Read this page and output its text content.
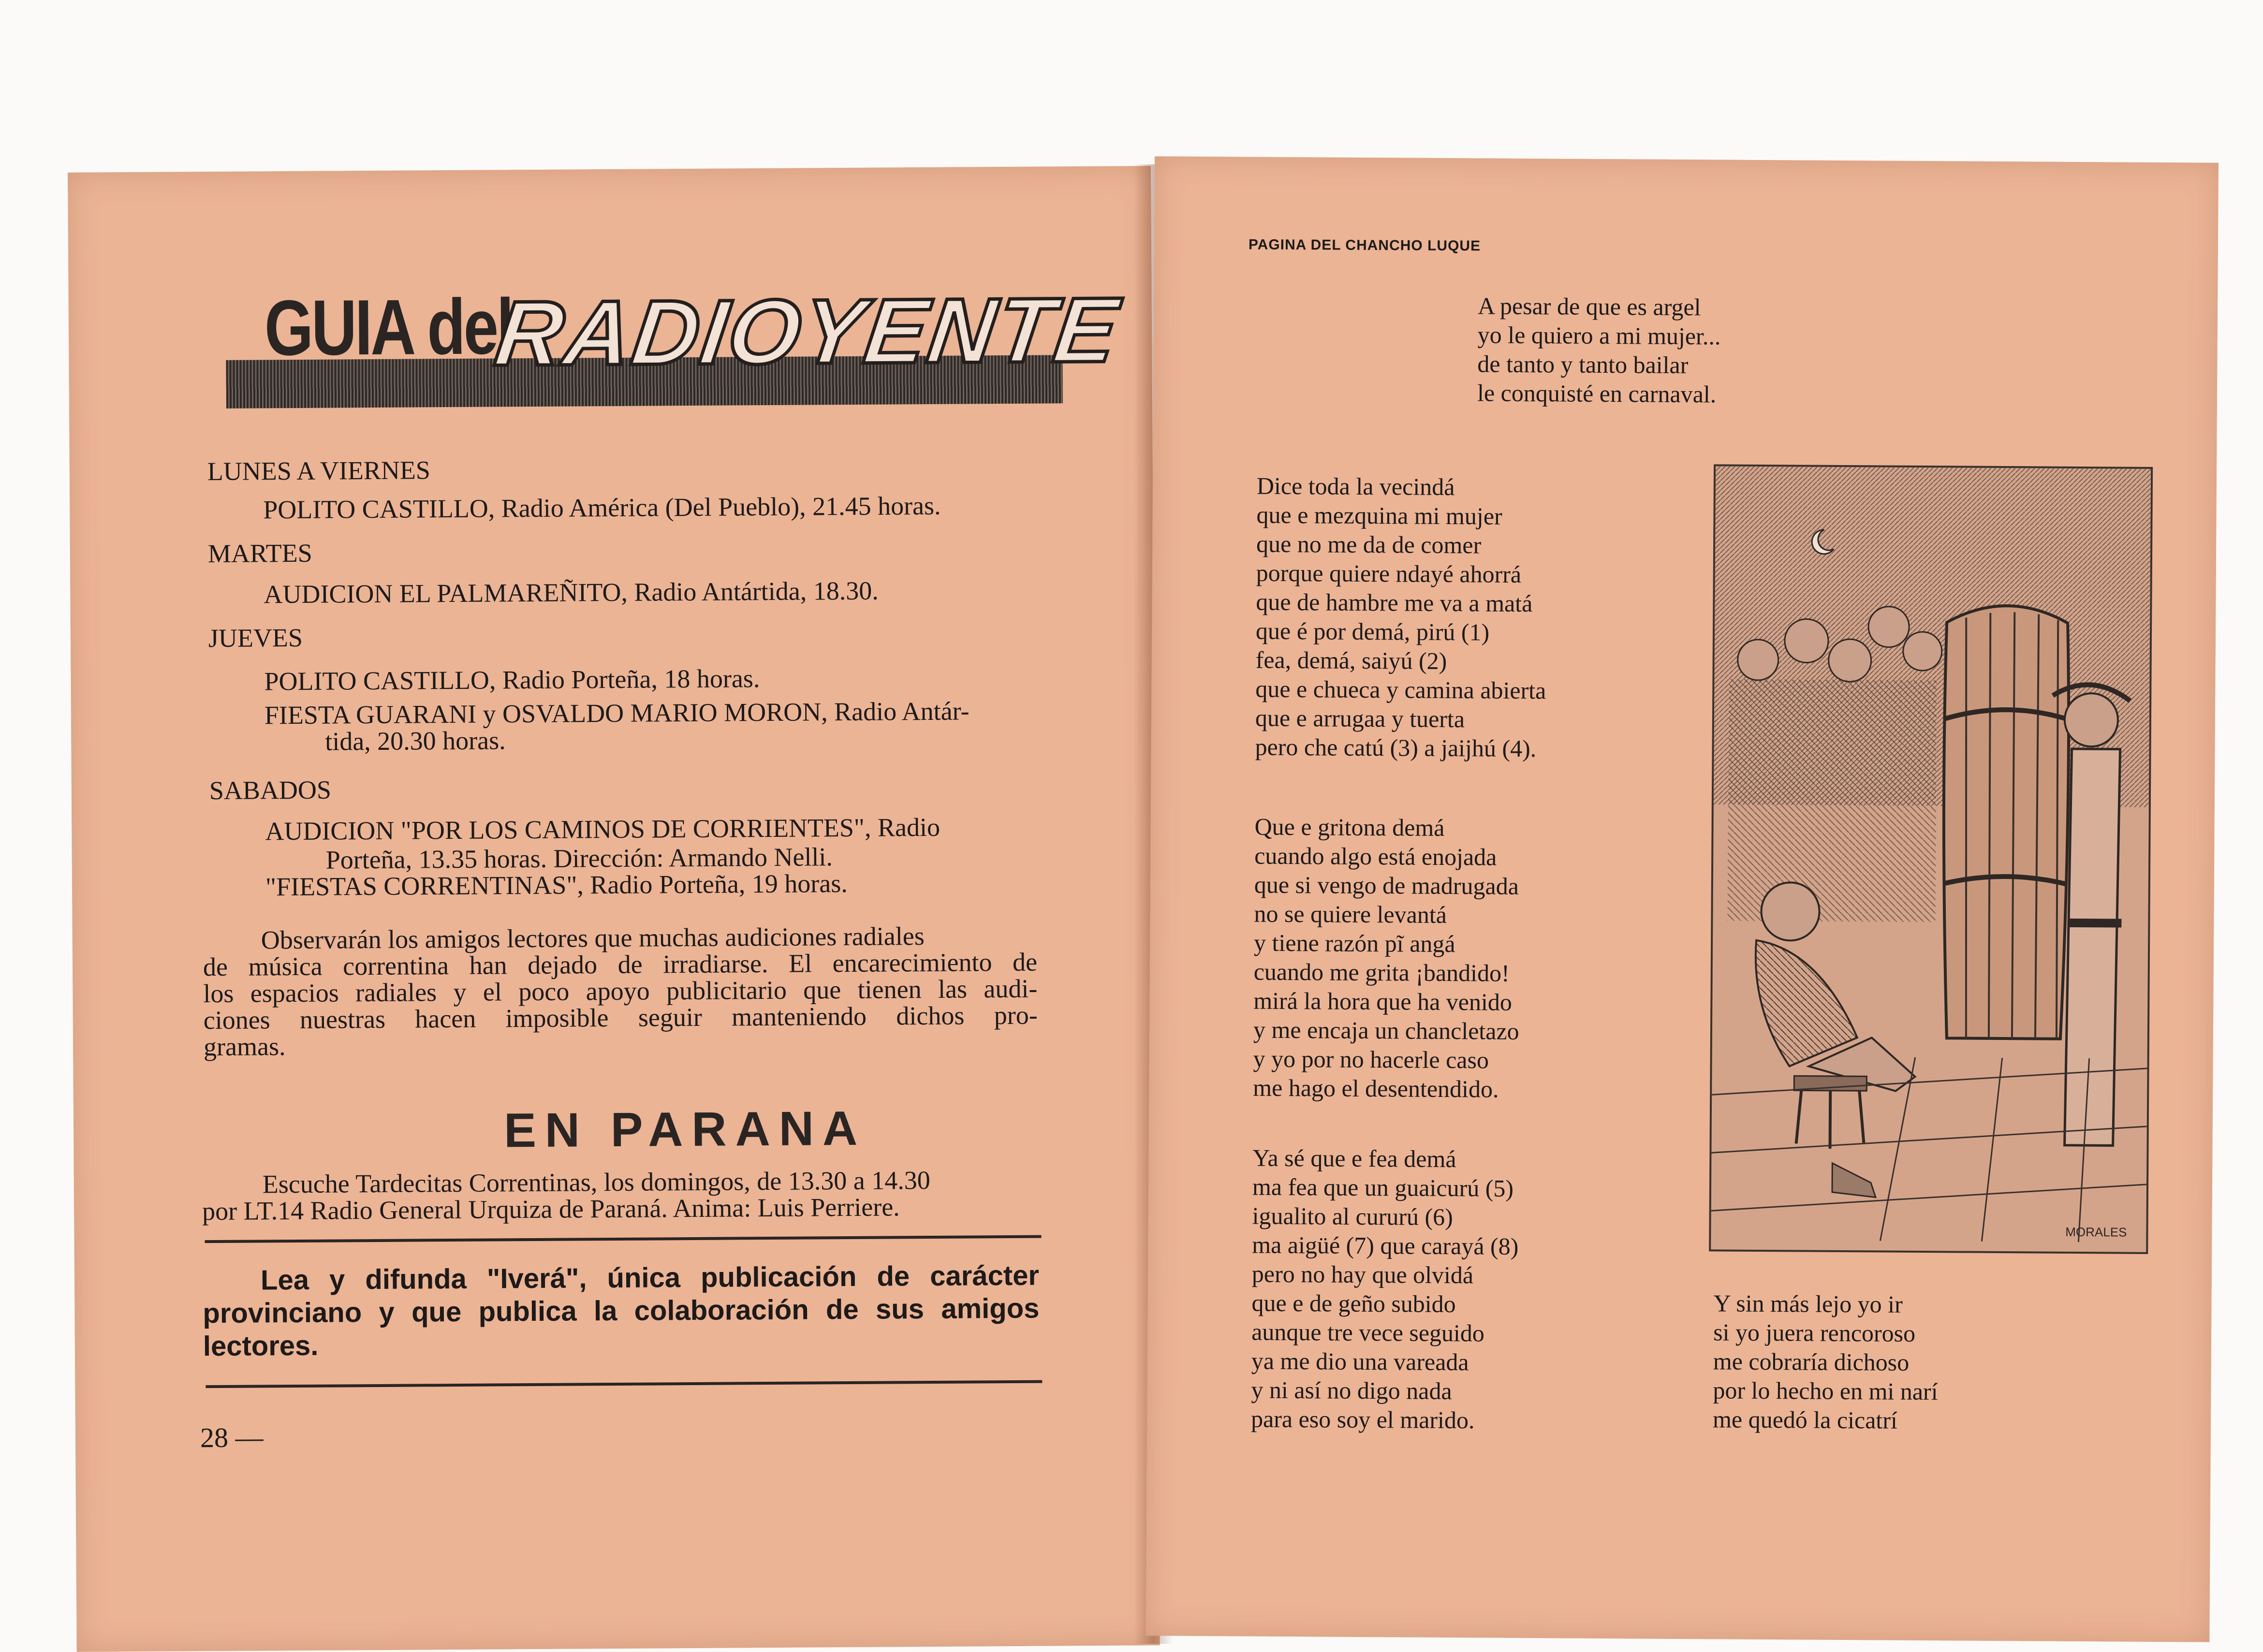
GUIA del
RADIOYENTE
LUNES A VIERNES
POLITO CASTILLO, Radio América (Del Pueblo), 21.45 horas.
MARTES
AUDICION EL PALMAREÑITO, Radio Antártida, 18.30.
JUEVES
POLITO CASTILLO, Radio Porteña, 18 horas.
FIESTA GUARANI y OSVALDO MARIO MORON, Radio Antár-
tida, 20.30 horas.
SABADOS
AUDICION "POR LOS CAMINOS DE CORRIENTES", Radio
Porteña, 13.35 horas. Dirección: Armando Nelli.
"FIESTAS CORRENTINAS", Radio Porteña, 19 horas.
Observarán los amigos lectores que muchas audiciones radiales
de música correntina han dejado de irradiarse. El encarecimiento de
los espacios radiales y el poco apoyo publicitario que tienen las audi-
ciones nuestras hacen imposible seguir manteniendo dichos pro-
gramas.
EN PARANA
Escuche Tardecitas Correntinas, los domingos, de 13.30 a 14.30
por LT.14 Radio General Urquiza de Paraná. Anima: Luis Perriere.
Lea y difunda "Iverá", única publicación de carácter provinciano y que publica la colaboración de sus amigos lectores.
28 —
PAGINA DEL CHANCHO LUQUE
A pesar de que es argel
yo le quiero a mi mujer...
de tanto y tanto bailar
le conquisté en carnaval.
Dice toda la vecindá
que e mezquina mi mujer
que no me da de comer
porque quiere ndayé ahorrá
que de hambre me va a matá
que é por demá, pirú (1)
fea, demá, saiyú (2)
que e chueca y camina abierta
que e arrugaa y tuerta
pero che catú (3) a jaijhú (4).
Que e gritona demá
cuando algo está enojada
que si vengo de madrugada
no se quiere levantá
y tiene razón pĩ angá
cuando me grita ¡bandido!
mirá la hora que ha venido
y me encaja un chancletazo
y yo por no hacerle caso
me hago el desentendido.
Ya sé que e fea demá
ma fea que un guaicurú (5)
igualito al cururú (6)
ma aigüé (7) que carayá (8)
pero no hay que olvidá
que e de geño subido
aunque tre vece seguido
ya me dio una vareada
y ni así no digo nada
para eso soy el marido.
Y sin más lejo yo ir
si yo juera rencoroso
me cobraría dichoso
por lo hecho en mi narí
me quedó la cicatrí
MORALES
